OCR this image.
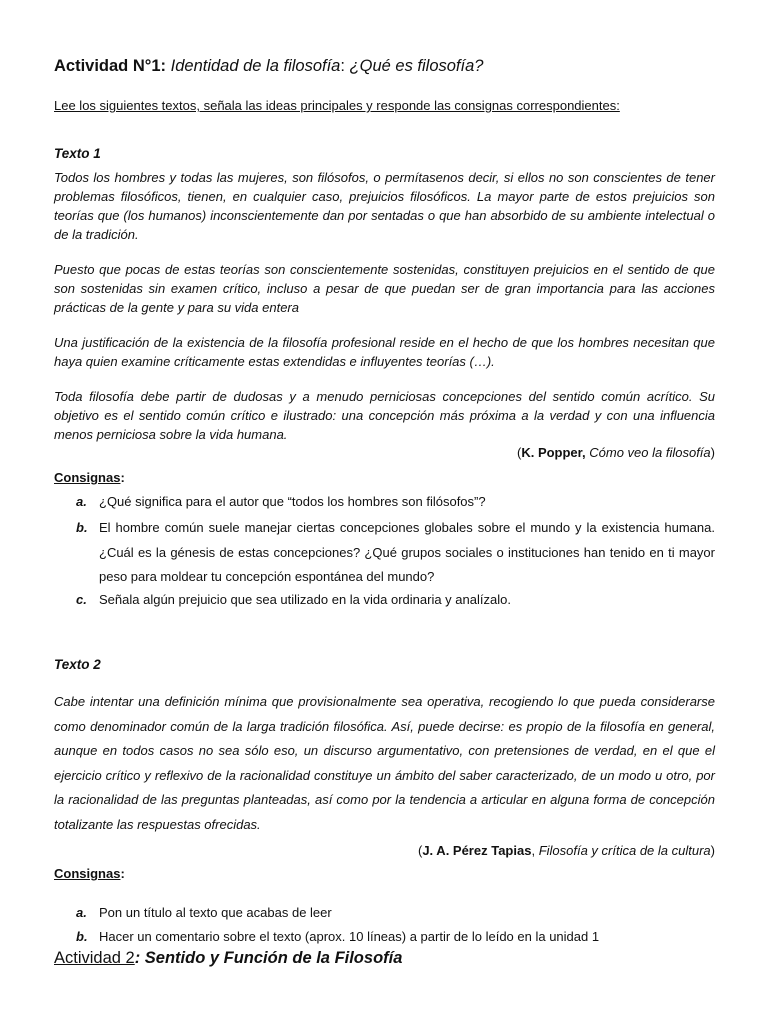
Actividad N°1: Identidad de la filosofía: ¿Qué es filosofía?
Lee los siguientes textos, señala las ideas principales y responde las consignas correspondientes:
Texto 1

Todos los hombres y todas las mujeres, son filósofos, o permítasenos decir, si ellos no son conscientes de tener problemas filosóficos, tienen, en cualquier caso, prejuicios filosóficos. La mayor parte de estos prejuicios son teorías que (los humanos) inconscientemente dan por sentadas o que han absorbido de su ambiente intelectual o de la tradición.

Puesto que pocas de estas teorías son conscientemente sostenidas, constituyen prejuicios en el sentido de que son sostenidas sin examen crítico, incluso a pesar de que puedan ser de gran importancia para las acciones prácticas de la gente y para su vida entera

Una justificación de la existencia de la filosofía profesional reside en el hecho de que los hombres necesitan que haya quien examine críticamente estas extendidas e influyentes teorías (…).

Toda filosofía debe partir de dudosas y a menudo perniciosas concepciones del sentido común acrítico. Su objetivo es el sentido común crítico e ilustrado: una concepción más próxima a la verdad y con una influencia menos perniciosa sobre la vida humana.

(K. Popper, Cómo veo la filosofía)
Consignas:
a. ¿Qué significa para el autor que “todos los hombres son filósofos”?
b. El hombre común suele manejar ciertas concepciones globales sobre el mundo y la existencia humana. ¿Cuál es la génesis de estas concepciones? ¿Qué grupos sociales o instituciones han tenido en ti mayor peso para moldear tu concepción espontánea del mundo?
c. Señala algún prejuicio que sea utilizado en la vida ordinaria y analízalo.
Texto 2

Cabe intentar una definición mínima que provisionalmente sea operativa, recogiendo lo que pueda considerarse como denominador común de la larga tradición filosófica. Así, puede decirse: es propio de la filosofía en general, aunque en todos casos no sea sólo eso, un discurso argumentativo, con pretensiones de verdad, en el que el ejercicio crítico y reflexivo de la racionalidad constituye un ámbito del saber caracterizado, de un modo u otro, por la racionalidad de las preguntas planteadas, así como por la tendencia a articular en alguna forma de concepción totalizante las respuestas ofrecidas.

(J. A. Pérez Tapias, Filosofía y crítica de la cultura)
Consignas:
a. Pon un título al texto que acabas de leer
b. Hacer un comentario sobre el texto (aprox. 10 líneas) a partir de lo leído en la unidad 1
Actividad 2: Sentido y Función de la Filosofía
